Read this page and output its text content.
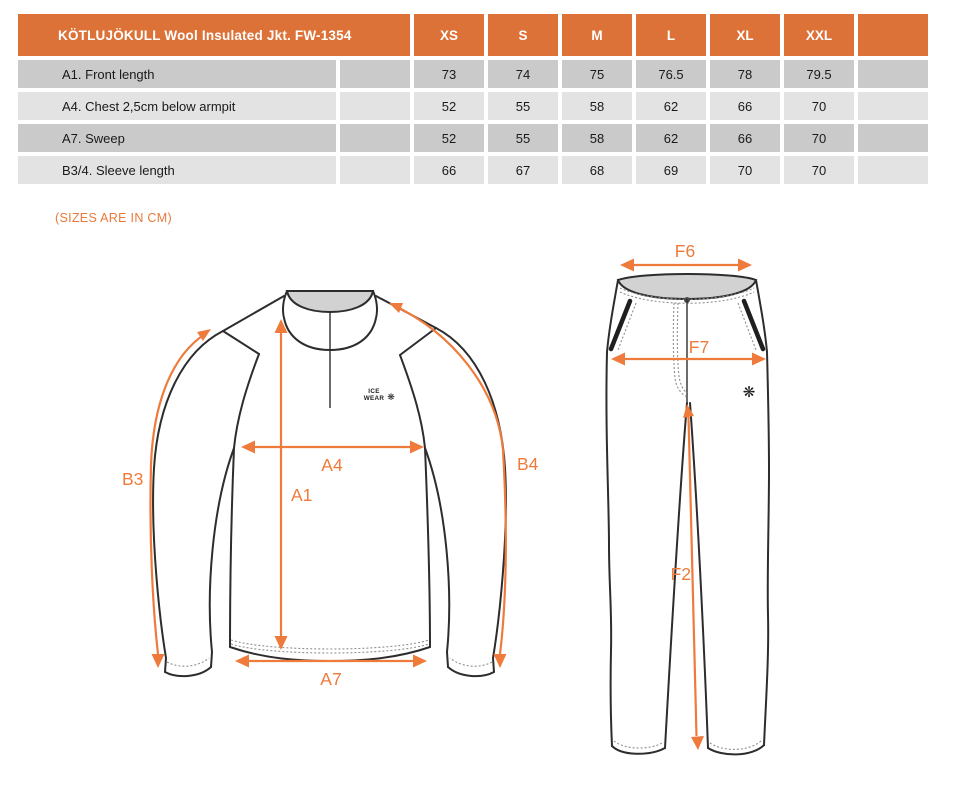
KÖTLUJÖKULL Wool Insulated Jkt. FW-1354		XS	S	M	L	XL	XXL	
A1. Front length		73	74	75	76.5	78	79.5	
A4. Chest 2,5cm below armpit		52	55	58	62	66	70	
A7. Sweep		52	55	58	62	66	70	
B3/4. Sleeve length		66	67	68	69	70	70	
(SIZES ARE IN CM)
ICE
WEAR ❋
A4
A1
A7
B3
B4
❋
F6
F7
F2
